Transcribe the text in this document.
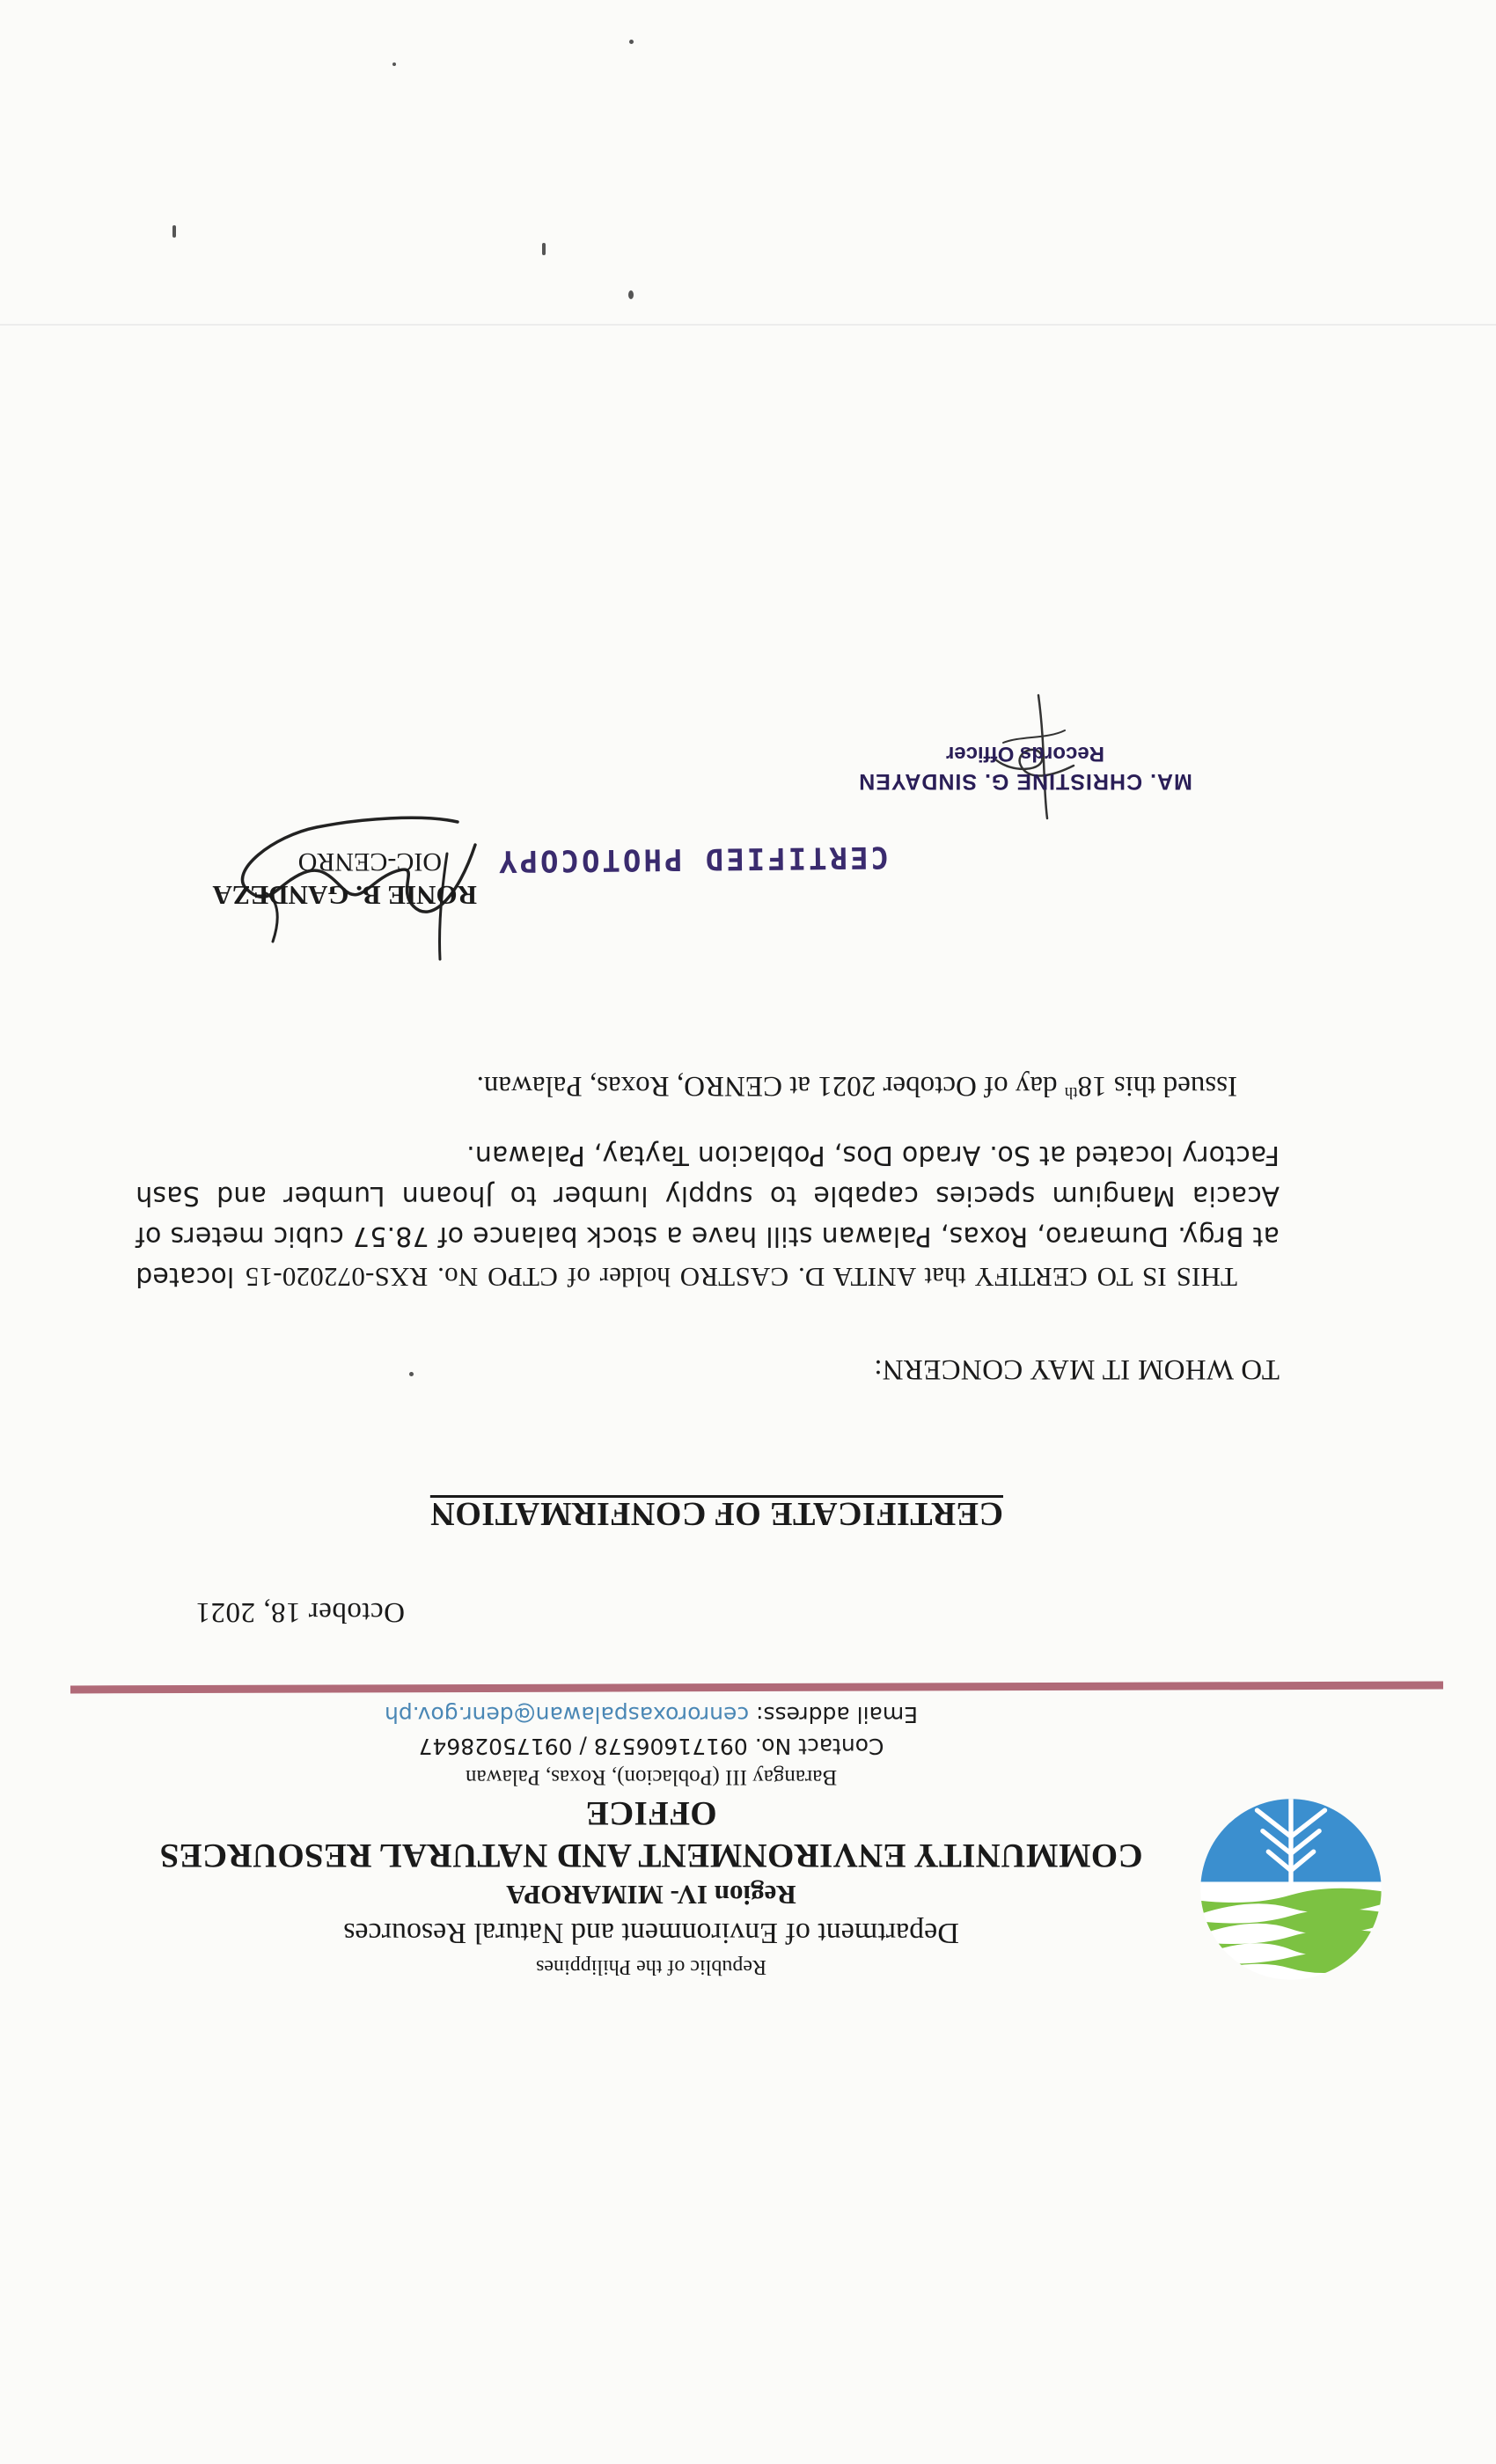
Republic of the Philippines
Department of Environment and Natural Resources
Region IV- MIMAROPA
COMMUNITY ENVIRONMENT AND NATURAL RESOURCES OFFICE
Barangay III (Poblacion), Roxas, Palawan
Contact No. 09171606578 / 09175028647
Email address: cenroroxaspalawan@denr.gov.ph
October 18, 2021
CERTIFICATE OF CONFIRMATION
TO WHOM IT MAY CONCERN:
THIS IS TO CERTIFY that ANITA D. CASTRO holder of CTPO No. RXS-072020-15 located at Brgy. Dumarao, Roxas, Palawan still have a stock balance of 78.57 cubic meters of Acacia Mangium species capable to supply lumber to Jhoann Lumber and Sash Factory located at So. Arado Dos, Poblacion Taytay, Palawan.
Issued this 18th day of October 2021 at CENRO, Roxas, Palawan.
RONIE B. GANDEZA
OIC-CENRO	CERTIFIED PHOTOCOPY
MA. CHRISTINE G. SINDAYEN
Records Officer
